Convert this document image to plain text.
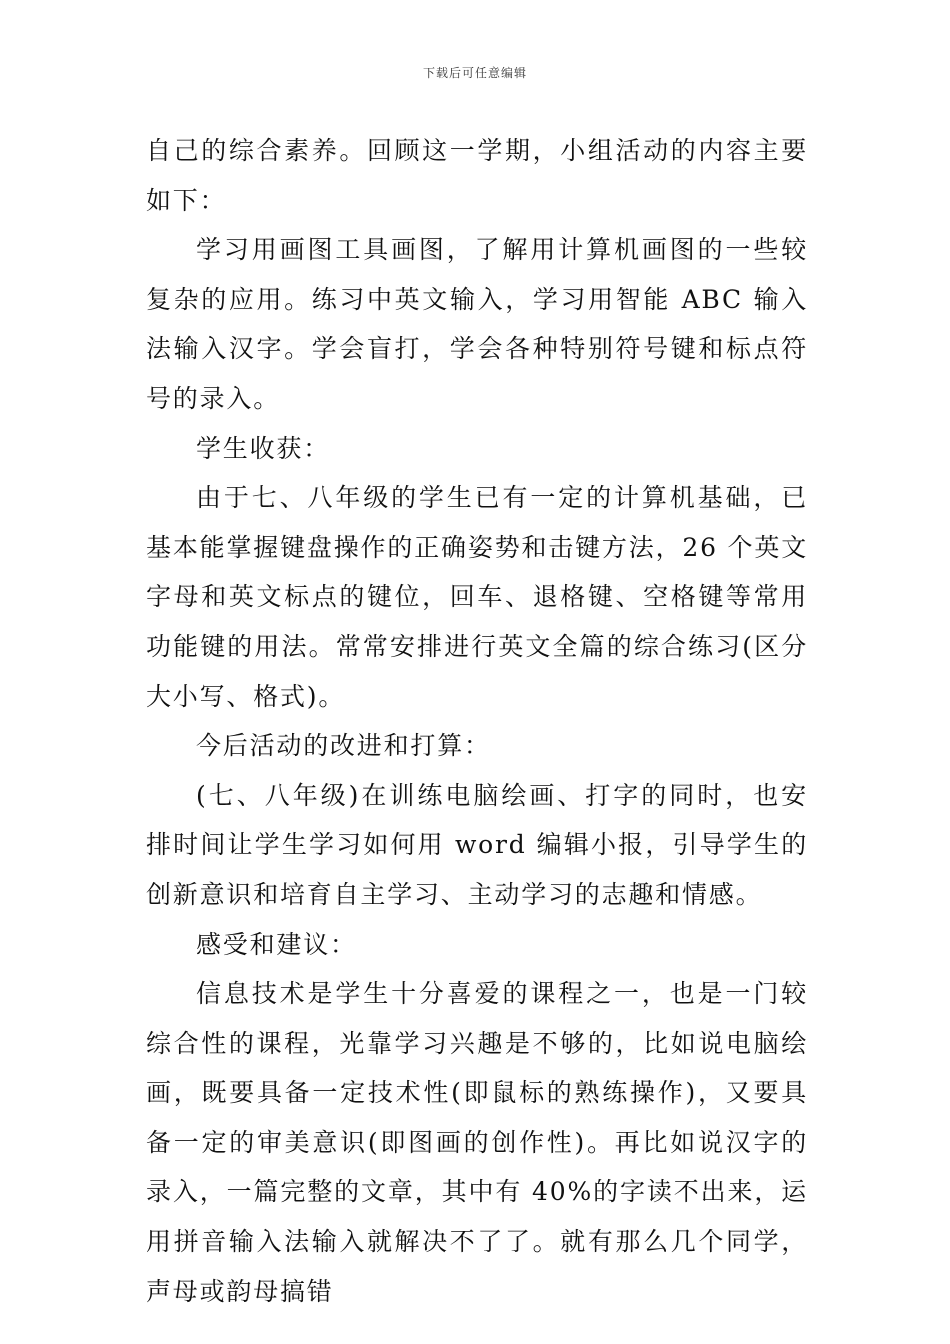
下载后可任意编辑

自己的综合素养。回顾这一学期，小组活动的内容主要如下：

学习用画图工具画图，了解用计算机画图的一些较复杂的应用。练习中英文输入，学习用智能 ABC 输入法输入汉字。学会盲打，学会各种特别符号键和标点符号的录入。

学生收获：

由于七、八年级的学生已有一定的计算机基础，已基本能掌握键盘操作的正确姿势和击键方法，26 个英文字母和英文标点的键位，回车、退格键、空格键等常用功能键的用法。常常安排进行英文全篇的综合练习(区分大小写、格式)。

今后活动的改进和打算：

(七、八年级)在训练电脑绘画、打字的同时，也安排时间让学生学习如何用 word 编辑小报，引导学生的创新意识和培育自主学习、主动学习的志趣和情感。

感受和建议：

信息技术是学生十分喜爱的课程之一，也是一门较综合性的课程，光靠学习兴趣是不够的，比如说电脑绘画，既要具备一定技术性(即鼠标的熟练操作)，又要具备一定的审美意识(即图画的创作性)。再比如说汉字的录入，一篇完整的文章，其中有 40%的字读不出来，运用拼音输入法输入就解决不了了。就有那么几个同学，声母或韵母搞错
